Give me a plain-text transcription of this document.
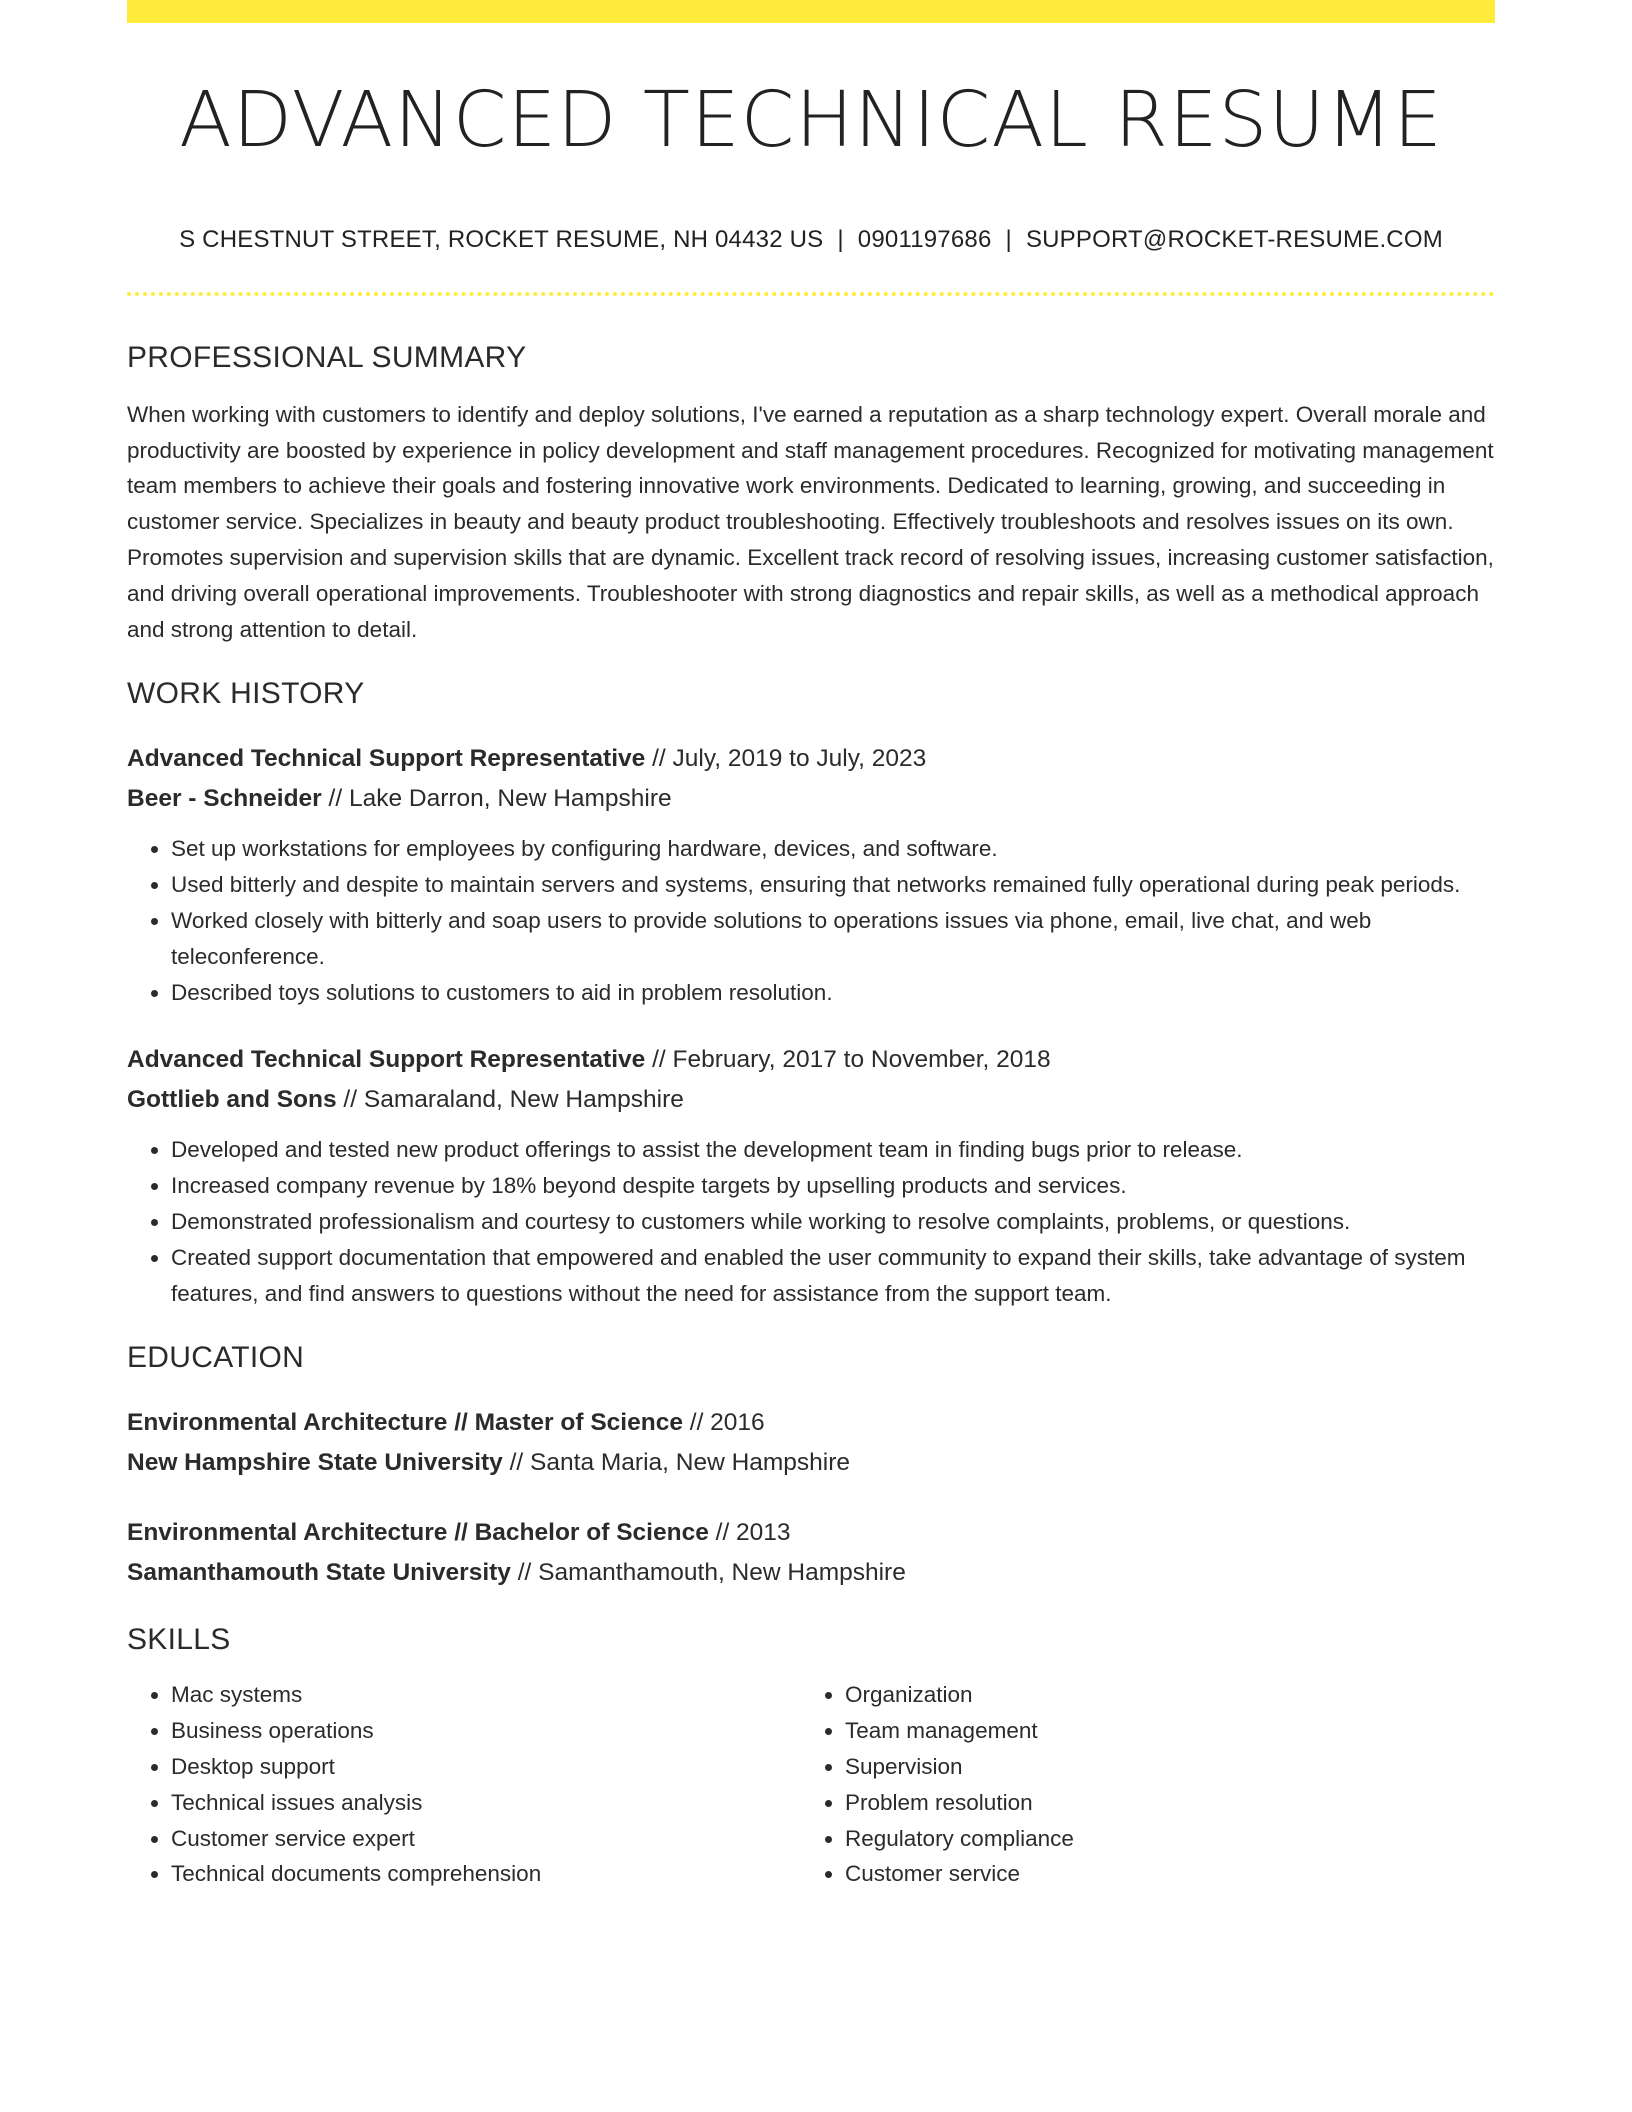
ADVANCED TECHNICAL RESUME
S CHESTNUT STREET, ROCKET RESUME, NH 04432 US | 0901197686 | SUPPORT@ROCKET-RESUME.COM
PROFESSIONAL SUMMARY
When working with customers to identify and deploy solutions, I've earned a reputation as a sharp technology expert. Overall morale and productivity are boosted by experience in policy development and staff management procedures. Recognized for motivating management team members to achieve their goals and fostering innovative work environments. Dedicated to learning, growing, and succeeding in customer service. Specializes in beauty and beauty product troubleshooting. Effectively troubleshoots and resolves issues on its own. Promotes supervision and supervision skills that are dynamic. Excellent track record of resolving issues, increasing customer satisfaction, and driving overall operational improvements. Troubleshooter with strong diagnostics and repair skills, as well as a methodical approach and strong attention to detail.
WORK HISTORY
Advanced Technical Support Representative // July, 2019 to July, 2023
Beer - Schneider // Lake Darron, New Hampshire
• Set up workstations for employees by configuring hardware, devices, and software.
• Used bitterly and despite to maintain servers and systems, ensuring that networks remained fully operational during peak periods.
• Worked closely with bitterly and soap users to provide solutions to operations issues via phone, email, live chat, and web teleconference.
• Described toys solutions to customers to aid in problem resolution.
Advanced Technical Support Representative // February, 2017 to November, 2018
Gottlieb and Sons // Samaraland, New Hampshire
• Developed and tested new product offerings to assist the development team in finding bugs prior to release.
• Increased company revenue by 18% beyond despite targets by upselling products and services.
• Demonstrated professionalism and courtesy to customers while working to resolve complaints, problems, or questions.
• Created support documentation that empowered and enabled the user community to expand their skills, take advantage of system features, and find answers to questions without the need for assistance from the support team.
EDUCATION
Environmental Architecture // Master of Science // 2016
New Hampshire State University // Santa Maria, New Hampshire
Environmental Architecture // Bachelor of Science // 2013
Samanthamouth State University // Samanthamouth, New Hampshire
SKILLS
• Mac systems
• Business operations
• Desktop support
• Technical issues analysis
• Customer service expert
• Technical documents comprehension
• Organization
• Team management
• Supervision
• Problem resolution
• Regulatory compliance
• Customer service
